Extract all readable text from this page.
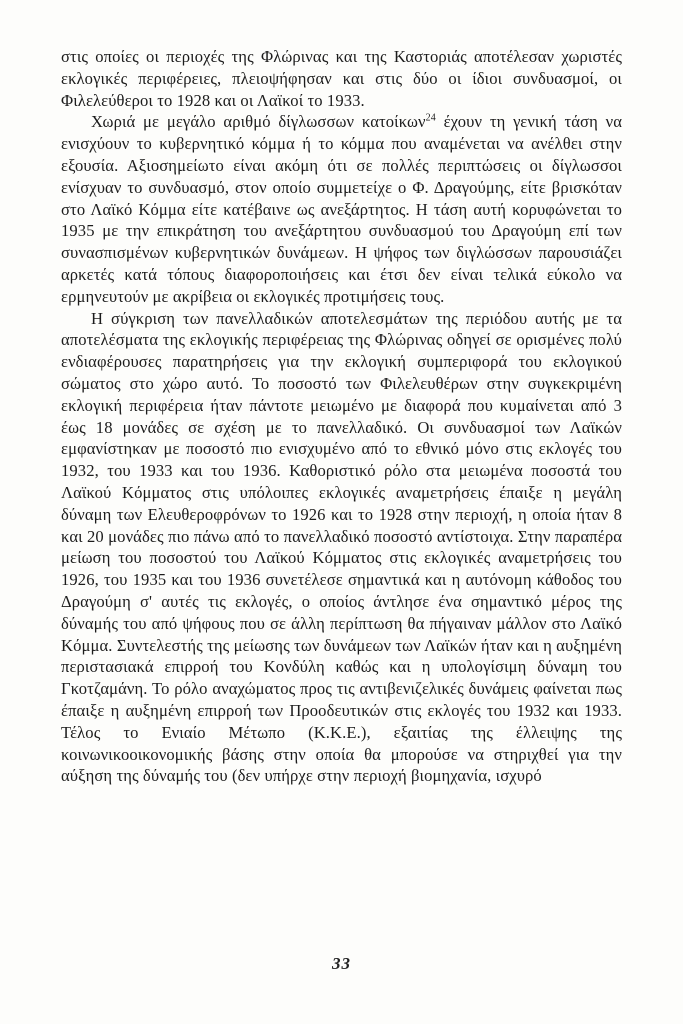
στις οποίες οι περιοχές της Φλώρινας και της Καστοριάς αποτέλεσαν χωριστές εκλογικές περιφέρειες, πλειοψήφησαν και στις δύο οι ίδιοι συνδυασμοί, οι Φιλελεύθεροι το 1928 και οι Λαϊκοί το 1933.

Χωριά με μεγάλο αριθμό δίγλωσσων κατοίκων$^{24}$ έχουν τη γενική τάση να ενισχύουν το κυβερνητικό κόμμα ή το κόμμα που αναμένεται να ανέλθει στην εξουσία. Αξιοσημείωτο είναι ακόμη ότι σε πολλές περιπτώσεις οι δίγλωσσοι ενίσχυαν το συνδυασμό, στον οποίο συμμετείχε ο Φ. Δραγούμης, είτε βρισκόταν στο Λαϊκό Κόμμα είτε κατέβαινε ως ανεξάρτητος. Η τάση αυτή κορυφώνεται το 1935 με την επικράτηση του ανεξάρτητου συνδυασμού του Δραγούμη επί των συνασπισμένων κυβερνητικών δυνάμεων. Η ψήφος των διγλώσσων παρουσιάζει αρκετές κατά τόπους διαφοροποιήσεις και έτσι δεν είναι τελικά εύκολο να ερμηνευτούν με ακρίβεια οι εκλογικές προτιμήσεις τους.

Η σύγκριση των πανελλαδικών αποτελεσμάτων της περιόδου αυτής με τα αποτελέσματα της εκλογικής περιφέρειας της Φλώρινας οδηγεί σε ορισμένες πολύ ενδιαφέρουσες παρατηρήσεις για την εκλογική συμπεριφορά του εκλογικού σώματος στο χώρο αυτό. Το ποσοστό των Φιλελευθέρων στην συγκεκριμένη εκλογική περιφέρεια ήταν πάντοτε μειωμένο με διαφορά που κυμαίνεται από 3 έως 18 μονάδες σε σχέση με το πανελλαδικό. Οι συνδυασμοί των Λαϊκών εμφανίστηκαν με ποσοστό πιο ενισχυμένο από το εθνικό μόνο στις εκλογές του 1932, του 1933 και του 1936. Καθοριστικό ρόλο στα μειωμένα ποσοστά του Λαϊκού Κόμματος στις υπόλοιπες εκλογικές αναμετρήσεις έπαιξε η μεγάλη δύναμη των Ελευθεροφρόνων το 1926 και το 1928 στην περιοχή, η οποία ήταν 8 και 20 μονάδες πιο πάνω από το πανελλαδικό ποσοστό αντίστοιχα. Στην παραπέρα μείωση του ποσοστού του Λαϊκού Κόμματος στις εκλογικές αναμετρήσεις του 1926, του 1935 και του 1936 συνετέλεσε σημαντικά και η αυτόνομη κάθοδος του Δραγούμη σ' αυτές τις εκλογές, ο οποίος άντλησε ένα σημαντικό μέρος της δύναμής του από ψήφους που σε άλλη περίπτωση θα πήγαιναν μάλλον στο Λαϊκό Κόμμα. Συντελεστής της μείωσης των δυνάμεων των Λαϊκών ήταν και η αυξημένη περιστασιακά επιρροή του Κονδύλη καθώς και η υπολογίσιμη δύναμη του Γκοτζαμάνη. Το ρόλο αναχώματος προς τις αντιβενιζελικές δυνάμεις φαίνεται πως έπαιξε η αυξημένη επιρροή των Προοδευτικών στις εκλογές του 1932 και 1933. Τέλος το Ενιαίο Μέτωπο (Κ.Κ.Ε.), εξαιτίας της έλλειψης της κοινωνικοοικονομικής βάσης στην οποία θα μπορούσε να στηριχθεί για την αύξηση της δύναμής του (δεν υπήρχε στην περιοχή βιομηχανία, ισχυρό

33
